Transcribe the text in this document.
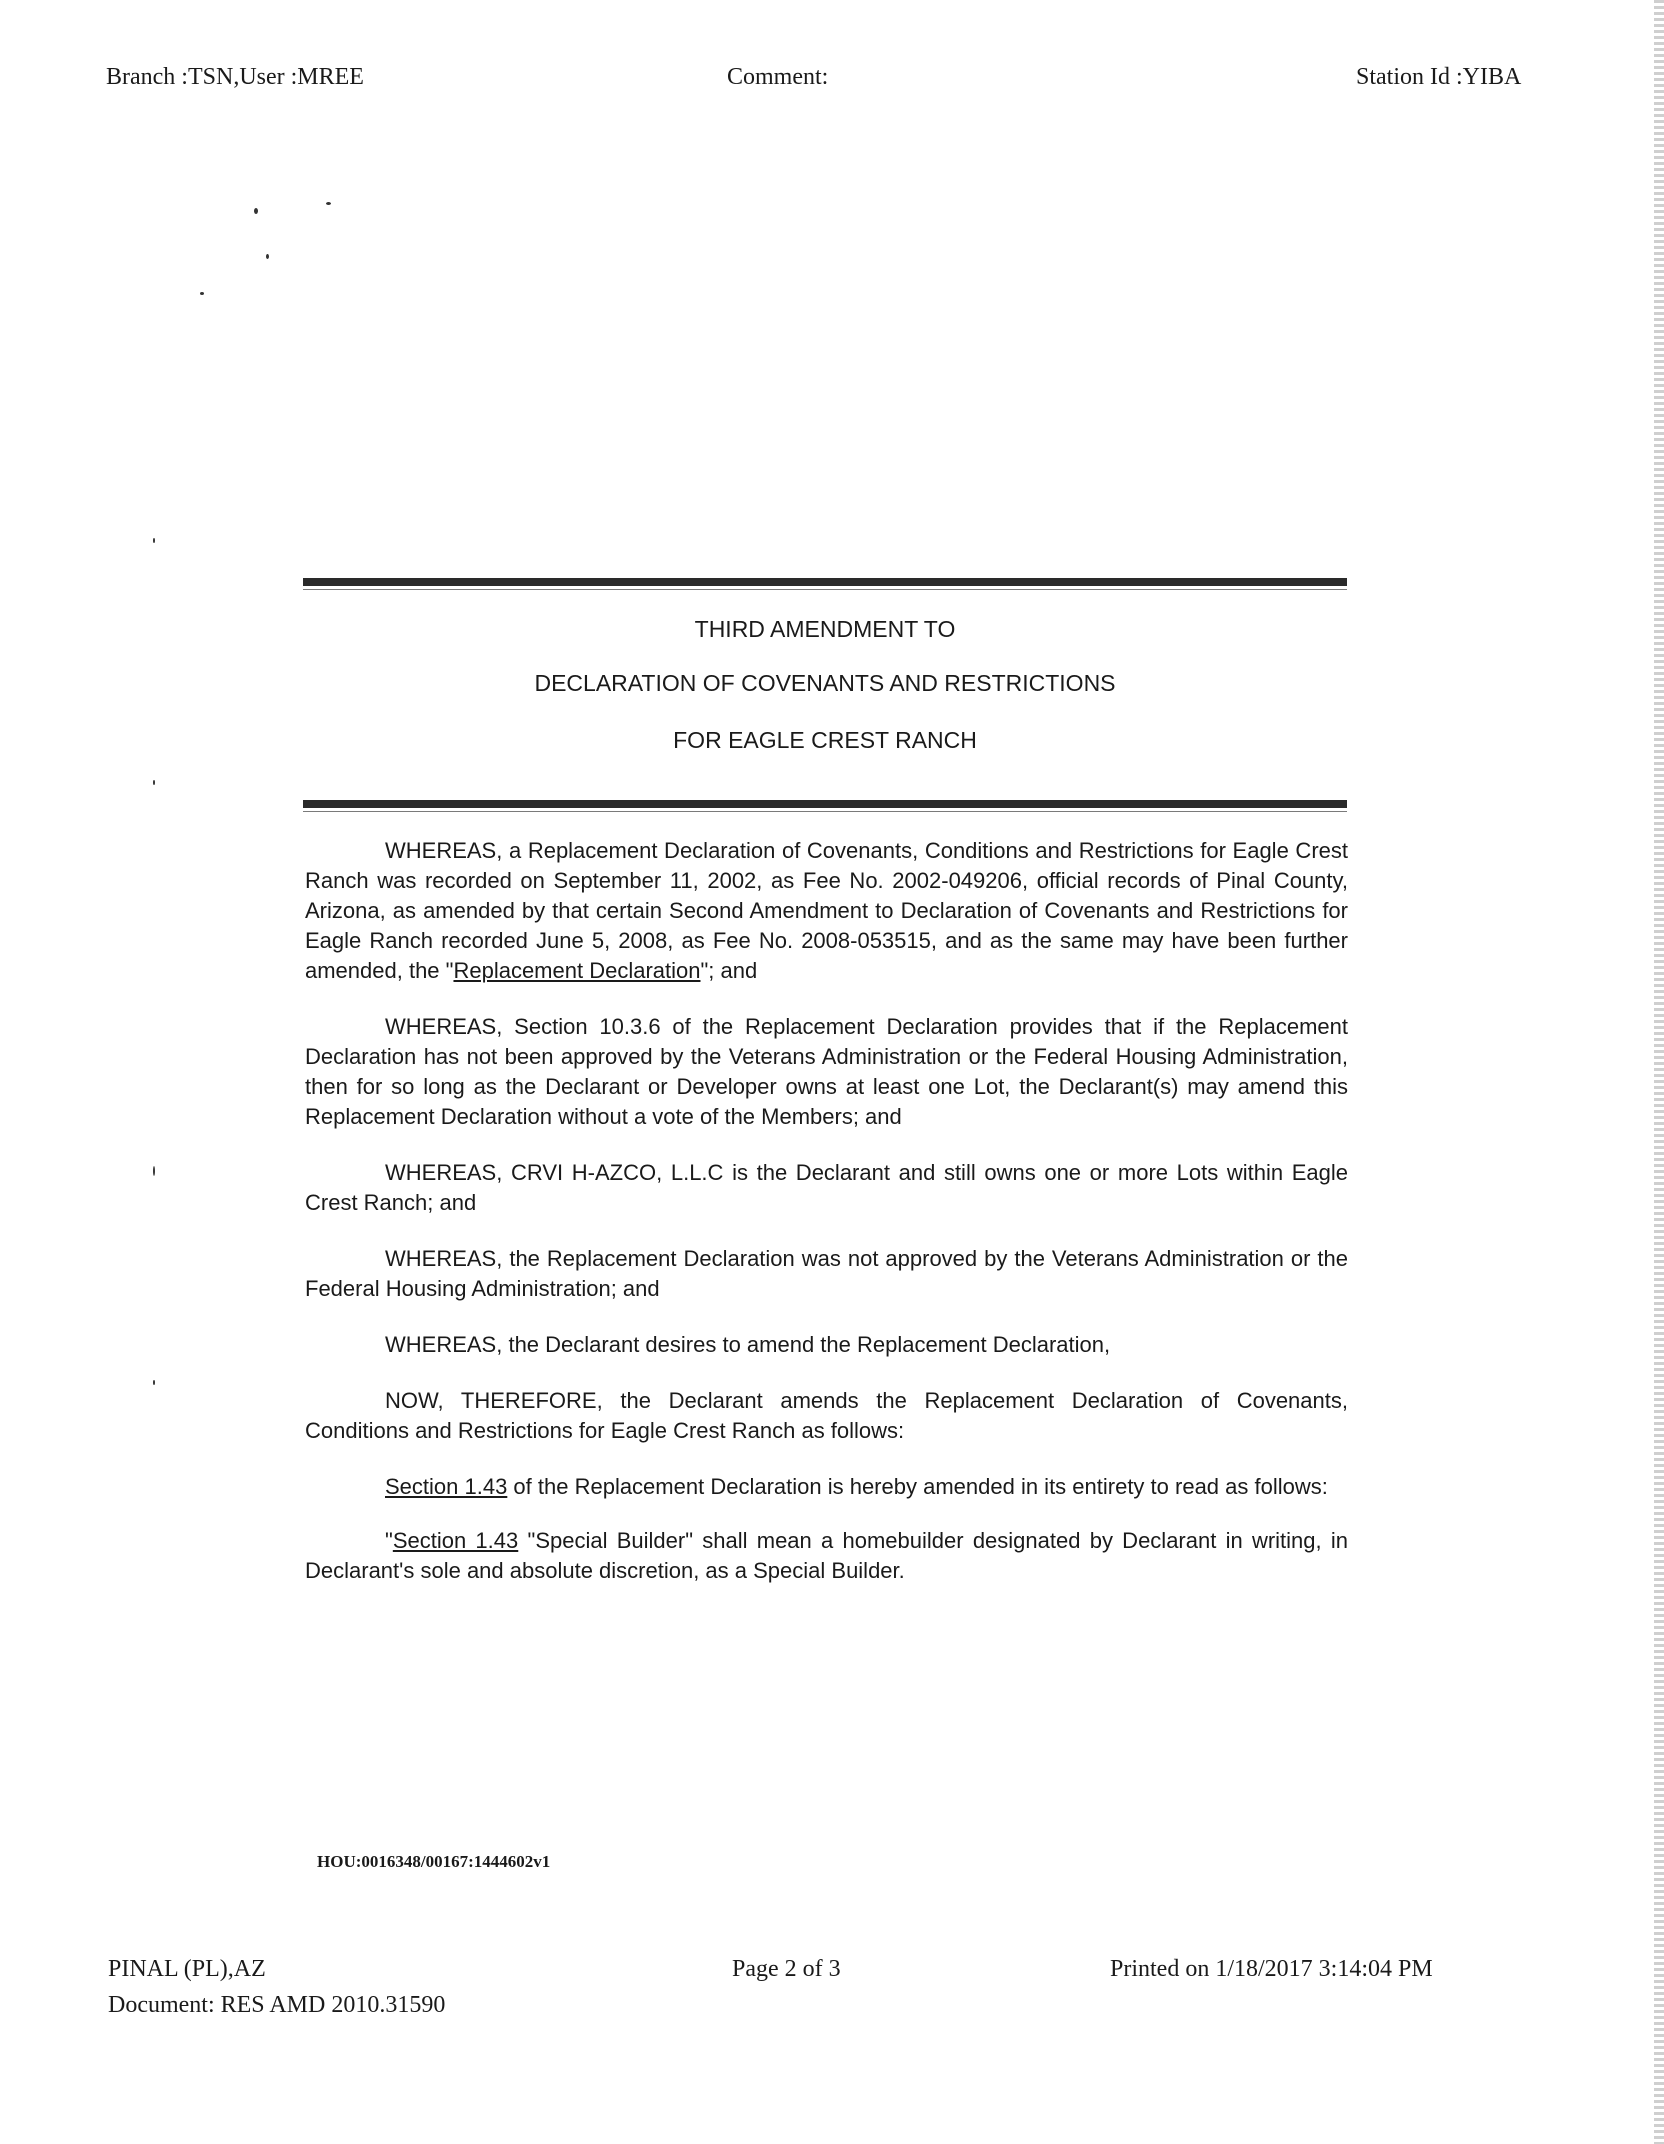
Branch :TSN,User :MREE	Comment:	Station Id :YIBA
THIRD AMENDMENT TO
DECLARATION OF COVENANTS AND RESTRICTIONS
FOR EAGLE CREST RANCH

WHEREAS, a Replacement Declaration of Covenants, Conditions and Restrictions for Eagle Crest Ranch was recorded on September 11, 2002, as Fee No. 2002-049206, official records of Pinal County, Arizona, as amended by that certain Second Amendment to Declaration of Covenants and Restrictions for Eagle Ranch recorded June 5, 2008, as Fee No. 2008-053515, and as the same may have been further amended, the "Replacement Declaration"; and

WHEREAS, Section 10.3.6 of the Replacement Declaration provides that if the Replacement Declaration has not been approved by the Veterans Administration or the Federal Housing Administration, then for so long as the Declarant or Developer owns at least one Lot, the Declarant(s) may amend this Replacement Declaration without a vote of the Members; and

WHEREAS, CRVI H-AZCO, L.L.C is the Declarant and still owns one or more Lots within Eagle Crest Ranch; and

WHEREAS, the Replacement Declaration was not approved by the Veterans Administration or the Federal Housing Administration; and

WHEREAS, the Declarant desires to amend the Replacement Declaration,

NOW, THEREFORE, the Declarant amends the Replacement Declaration of Covenants, Conditions and Restrictions for Eagle Crest Ranch as follows:

Section 1.43 of the Replacement Declaration is hereby amended in its entirety to read as follows:

"Section 1.43 "Special Builder" shall mean a homebuilder designated by Declarant in writing, in Declarant's sole and absolute discretion, as a Special Builder.

HOU:0016348/00167:1444602v1
PINAL (PL),AZ
Document: RES AMD 2010.31590
Page 2 of 3	Printed on 1/18/2017 3:14:04 PM
